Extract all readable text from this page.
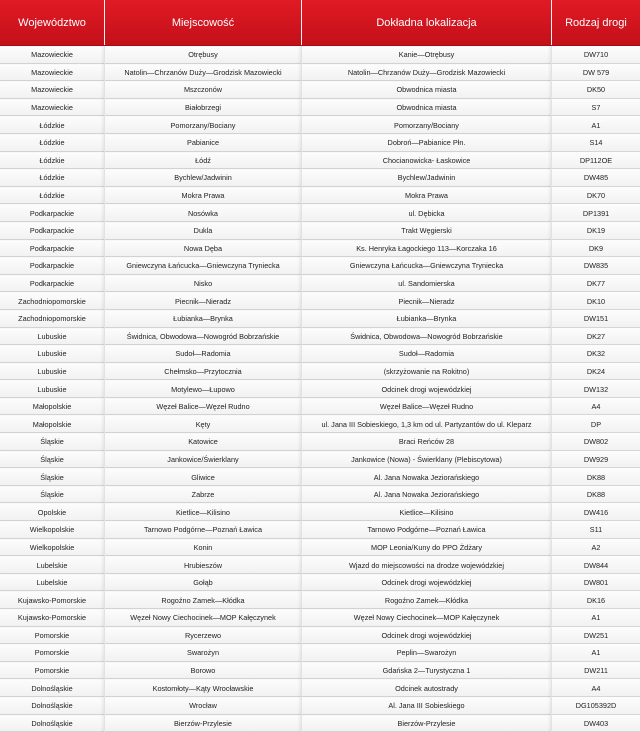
Województwo	Miejscowość	Dokładna lokalizacja	Rodzaj drogi
Mazowieckie	Otrębusy	Kanie—Otrębusy	DW710
Mazowieckie	Natolin—Chrzanów Duży—Grodzisk Mazowiecki	Natolin—Chrzanów Duży—Grodzisk Mazowiecki	DW 579
Mazowieckie	Mszczonów	Obwodnica miasta	DK50
Mazowieckie	Białobrzegi	Obwodnica miasta	S7
Łódzkie	Pomorzany/Bociany	Pomorzany/Bociany	A1
Łódzkie	Pabianice	Dobroń—Pabianice Płn.	S14
Łódzkie	Łódź	Chocianowicka- Łaskowice	DP112OE
Łódzkie	Bychlew/Jadwinin	Bychlew/Jadwinin	DW485
Łódzkie	Mokra Prawa	Mokra Prawa	DK70
Podkarpackie	Nosówka	ul. Dębicka	DP1391
Podkarpackie	Dukla	Trakt Węgierski	DK19
Podkarpackie	Nowa Dęba	Ks. Henryka Łagockiego 113—Korczaka 16	DK9
Podkarpackie	Gniewczyna Łańcucka—Gniewczyna Tryniecka	Gniewczyna Łańcucka—Gniewczyna Tryniecka	DW835
Podkarpackie	Nisko	ul. Sandomierska	DK77
Zachodniopomorskie	Piecnik—Nieradz	Piecnik—Nieradz	DK10
Zachodniopomorskie	Łubianka—Brynka	Łubianka—Brynka	DW151
Lubuskie	Świdnica, Obwodowa—Nowogród Bobrzańskie	Świdnica, Obwodowa—Nowogród Bobrzańskie	DK27
Lubuskie	Sudoł—Radomia	Sudoł—Radomia	DK32
Lubuskie	Chełmsko—Przytocznia	(skrzyżowanie na Rokitno)	DK24
Lubuskie	Motylewo—Łupowo	Odcinek drogi wojewódzkiej	DW132
Małopolskie	Węzeł Balice—Węzeł Rudno	Węzeł Balice—Węzeł Rudno	A4
Małopolskie	Kęty	ul. Jana III Sobieskiego, 1,3 km od ul. Partyzantów do ul. Kleparz	DP
Śląskie	Katowice	Braci Reńców 28	DW802
Śląskie	Jankowice/Świerklany	Jankowice (Nowa) - Świerklany (Plebiscytowa)	DW929
Śląskie	Gliwice	Al. Jana Nowaka Jeziorańskiego	DK88
Śląskie	Zabrze	Al. Jana Nowaka Jeziorańskiego	DK88
Opolskie	Kietlice—Kilisino	Kietlice—Kilisino	DW416
Wielkopolskie	Tarnowo Podgórne—Poznań Ławica	Tarnowo Podgórne—Poznań Ławica	S11
Wielkopolskie	Konin	MOP Leonia/Kuny do PPO Żdżary	A2
Lubelskie	Hrubieszów	Wjazd do miejscowości na drodze wojewódzkiej	DW844
Lubelskie	Gołąb	Odcinek drogi wojewódzkiej	DW801
Kujawsko-Pomorskie	Rogoźno Zamek—Kłódka	Rogoźno Zamek—Kłódka	DK16
Kujawsko-Pomorskie	Węzeł Nowy Ciechocinek—MOP Kałęczynek	Węzeł Nowy Ciechocinek—MOP Kałęczynek	A1
Pomorskie	Rycerzewo	Odcinek drogi wojewódzkiej	DW251
Pomorskie	Swarożyn	Peplin—Swarożyn	A1
Pomorskie	Borowo	Gdańska 2—Turystyczna 1	DW211
Dolnośląskie	Kostomłoty—Kąty Wrocławskie	Odcinek autostrady	A4
Dolnośląskie	Wrocław	Al. Jana III Sobieskiego	DG105392D
Dolnośląskie	Bierzów-Przylesie	Bierzów-Przylesie	DW403
